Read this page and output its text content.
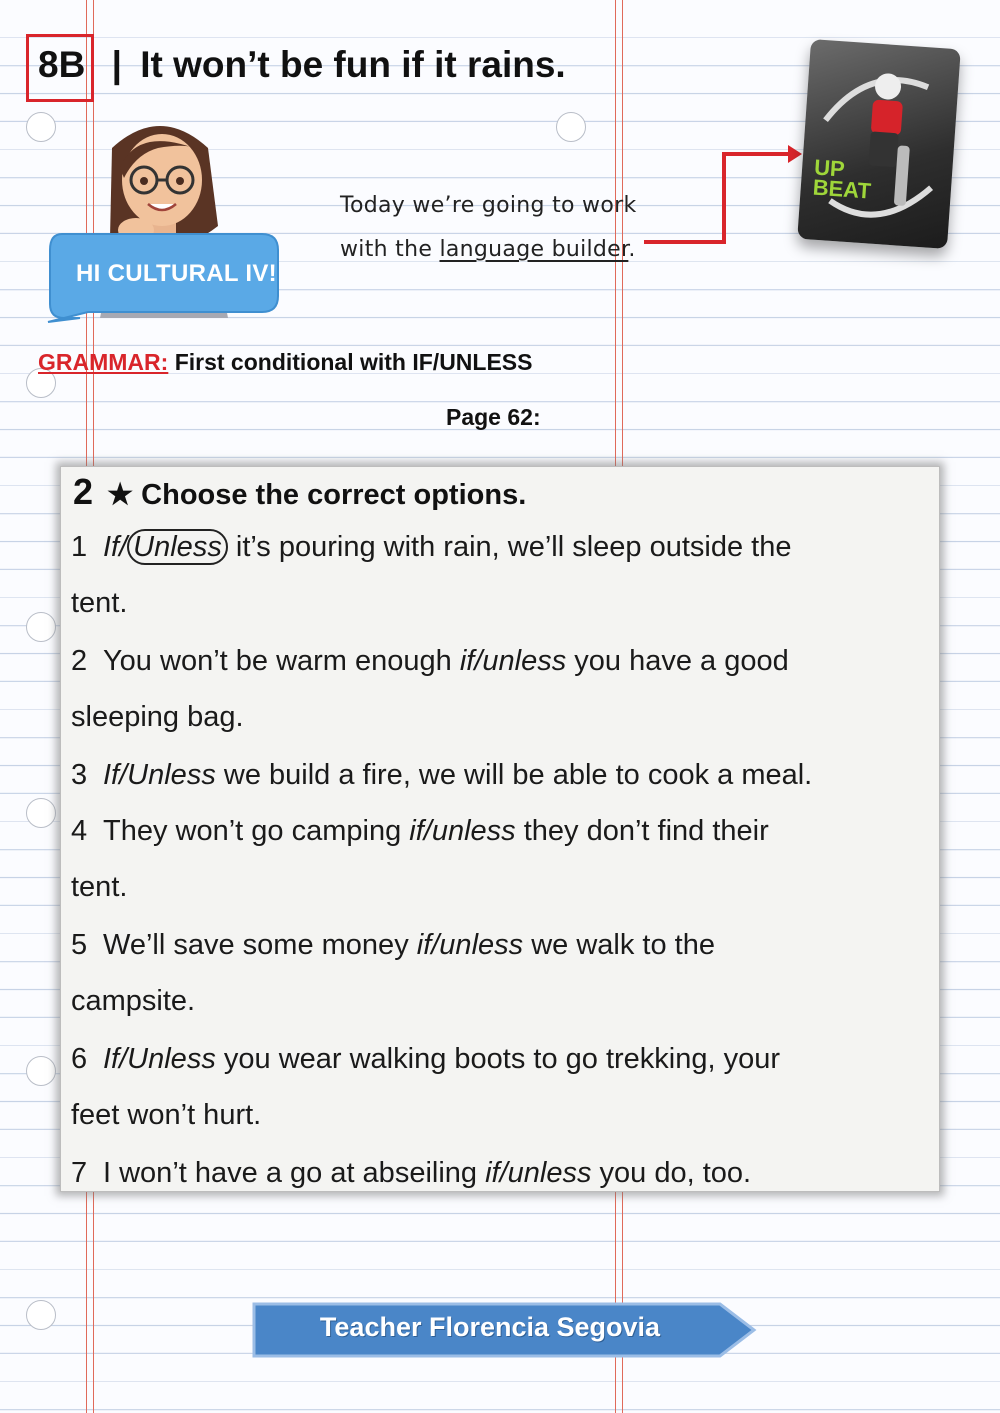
8B | It won’t be fun if it rains.
HI CULTURAL IV!
Today we’re going to work
with the language builder.
UP
BEAT
GRAMMAR: First conditional with IF/UNLESS
Page 62:
2 ★ Choose the correct options.
1 If/ Unless it’s pouring with rain, we’ll sleep outside the
tent.
2 You won’t be warm enough if/unless you have a good
sleeping bag.
3 If/Unless we build a fire, we will be able to cook a meal.
4 They won’t go camping if/unless they don’t find their
tent.
5 We’ll save some money if/unless we walk to the
campsite.
6 If/Unless you wear walking boots to go trekking, your
feet won’t hurt.
7 I won’t have a go at abseiling if/unless you do, too.
Teacher Florencia Segovia
